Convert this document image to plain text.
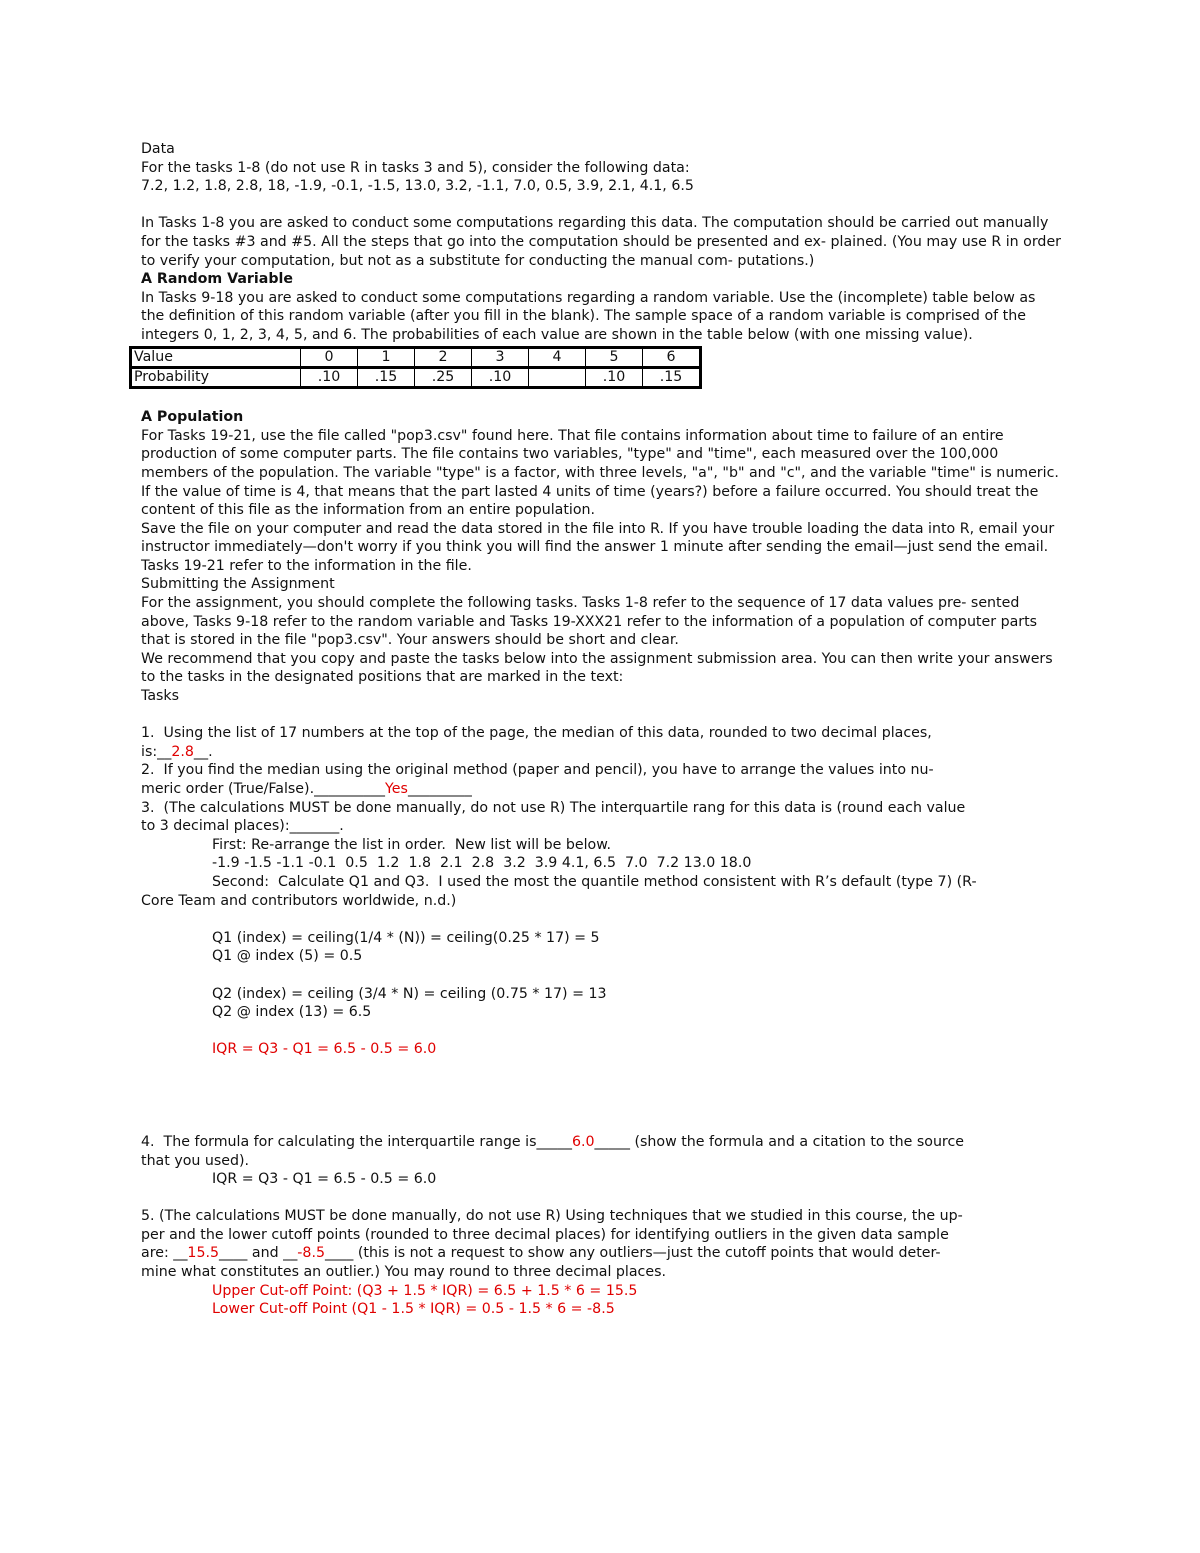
Data
For the tasks 1-8 (do not use R in tasks 3 and 5), consider the following data:
7.2, 1.2, 1.8, 2.8, 18, -1.9, -0.1, -1.5, 13.0, 3.2, -1.1, 7.0, 0.5, 3.9, 2.1, 4.1, 6.5
In Tasks 1-8 you are asked to conduct some computations regarding this data. The computation should be carried out manually for the tasks #3 and #5. All the steps that go into the computation should be presented and ex- plained. (You may use R in order to verify your computation, but not as a substitute for conducting the manual com- putations.)
A Random Variable
In Tasks 9-18 you are asked to conduct some computations regarding a random variable. Use the (incomplete) table below as the definition of this random variable (after you fill in the blank). The sample space of a random variable is comprised of the integers 0, 1, 2, 3, 4, 5, and 6. The probabilities of each value are shown in the table below (with one missing value).
Value	0	1	2	3	4	5	6
Probability	.10	.15	.25	.10		.10	.15
A Population
For Tasks 19-21, use the file called "pop3.csv" found here. That file contains information about time to failure of an entire production of some computer parts. The file contains two variables, "type" and "time", each measured over the 100,000 members of the population. The variable "type" is a factor, with three levels, "a", "b" and "c", and the variable "time" is numeric. If the value of time is 4, that means that the part lasted 4 units of time (years?) before a failure occurred. You should treat the content of this file as the information from an entire population.
Save the file on your computer and read the data stored in the file into R. If you have trouble loading the data into R, email your instructor immediately—don't worry if you think you will find the answer 1 minute after sending the email—just send the email. Tasks 19-21 refer to the information in the file.
Submitting the Assignment
For the assignment, you should complete the following tasks. Tasks 1-8 refer to the sequence of 17 data values pre- sented above, Tasks 9-18 refer to the random variable and Tasks 19-XXX21 refer to the information of a population of computer parts that is stored in the file "pop3.csv". Your answers should be short and clear.
We recommend that you copy and paste the tasks below into the assignment submission area. You can then write your answers to the tasks in the designated positions that are marked in the text:
Tasks
1.  Using the list of 17 numbers at the top of the page, the median of this data, rounded to two decimal places,
is:__2.8__.
2.  If you find the median using the original method (paper and pencil), you have to arrange the values into nu-
meric order (True/False).__________Yes_________
3.  (The calculations MUST be done manually, do not use R) The interquartile rang for this data is (round each value
to 3 decimal places):_______.
First: Re-arrange the list in order.  New list will be below.
-1.9 -1.5 -1.1 -0.1  0.5  1.2  1.8  2.1  2.8  3.2  3.9 4.1, 6.5  7.0  7.2 13.0 18.0
Second:  Calculate Q1 and Q3.  I used the most the quantile method consistent with R’s default (type 7) (R-
Core Team and contributors worldwide, n.d.)
Q1 (index) = ceiling(1/4 * (N)) = ceiling(0.25 * 17) = 5
Q1 @ index (5) = 0.5
Q2 (index) = ceiling (3/4 * N) = ceiling (0.75 * 17) = 13
Q2 @ index (13) = 6.5
IQR = Q3 - Q1 = 6.5 - 0.5 = 6.0
4.  The formula for calculating the interquartile range is_____6.0_____ (show the formula and a citation to the source
that you used).
IQR = Q3 - Q1 = 6.5 - 0.5 = 6.0
5. (The calculations MUST be done manually, do not use R) Using techniques that we studied in this course, the up-
per and the lower cutoff points (rounded to three decimal places) for identifying outliers in the given data sample
are: __15.5____ and __-8.5____ (this is not a request to show any outliers—just the cutoff points that would deter-
mine what constitutes an outlier.) You may round to three decimal places.
Upper Cut-off Point: (Q3 + 1.5 * IQR) = 6.5 + 1.5 * 6 = 15.5
Lower Cut-off Point (Q1 - 1.5 * IQR) = 0.5 - 1.5 * 6 = -8.5
